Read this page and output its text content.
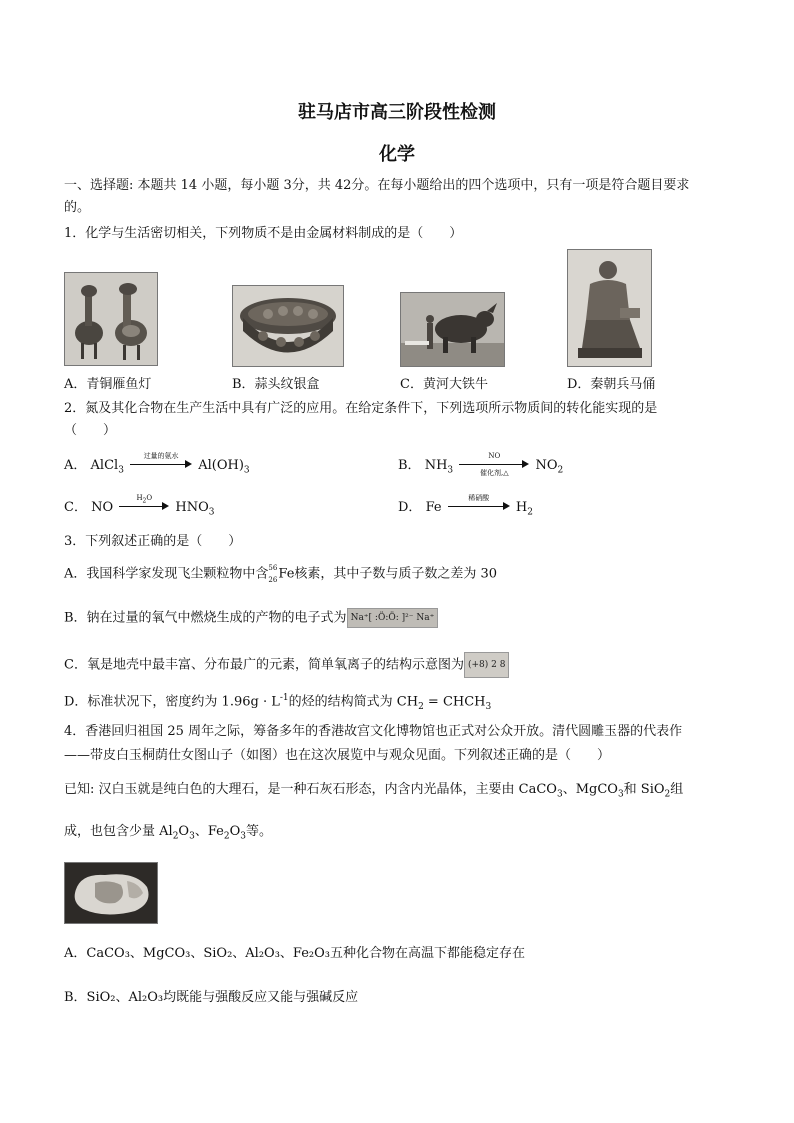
驻马店市高三阶段性检测
化学
一、选择题: 本题共 14 小题，每小题 3分，共 42分。在每小题给出的四个选项中，只有一项是符合题目要求
的。
1．化学与生活密切相关，下列物质不是由金属材料制成的是（　　）
A．青铜雁鱼灯	B．蒜头纹银盒	C．黄河大铁牛	D．秦朝兵马俑
2．氮及其化合物在生产生活中具有广泛的应用。在给定条件下，下列选项所示物质间的转化能实现的是
（　　）
A． AlCl$_3$
过量的氨水
$Al(OH)_3$	B． $NH_3$
NO
催化剂,△	$NO_2$
C． NO
$H_2O$
$HNO_3$	D． Fe
稀硝酸
$H_2$
3．下列叙述正确的是（　　）
A．我国科学家发现飞尘颗粒物中含 56
26 Fe核素，其中子数与质子数之差为 30
B．钠在过量的氧气中燃烧生成的产物的电子式为 Na⁺[ :Ö:Ö: ]²⁻ Na⁺
C．氧是地壳中最丰富、分布最广的元素，简单氧离子的结构示意图为 (+8) 2 8
D．标准状况下，密度约为 $1.96g \cdot L^{-1}$的烃的结构简式为 $CH_2$ = $CHCH_3$
4．香港回归祖国 25 周年之际，筹备多年的香港故宫文化博物馆也正式对公众开放。清代圆雕玉器的代表作
——带皮白玉桐荫仕女图山子（如图）也在这次展览中与观众见面。下列叙述正确的是（　　）
已知: 汉白玉就是纯白色的大理石，是一种石灰石形态，内含内光晶体，主要由 CaCO$_3$、MgCO$_3$和 SiO$_2$组
成，也包含少量 $Al_2O_3$、$Fe_2O_3$等。
A．CaCO₃、MgCO₃、SiO₂、Al₂O₃、Fe₂O₃五种化合物在高温下都能稳定存在
B．SiO₂、Al₂O₃均既能与强酸反应又能与强碱反应
